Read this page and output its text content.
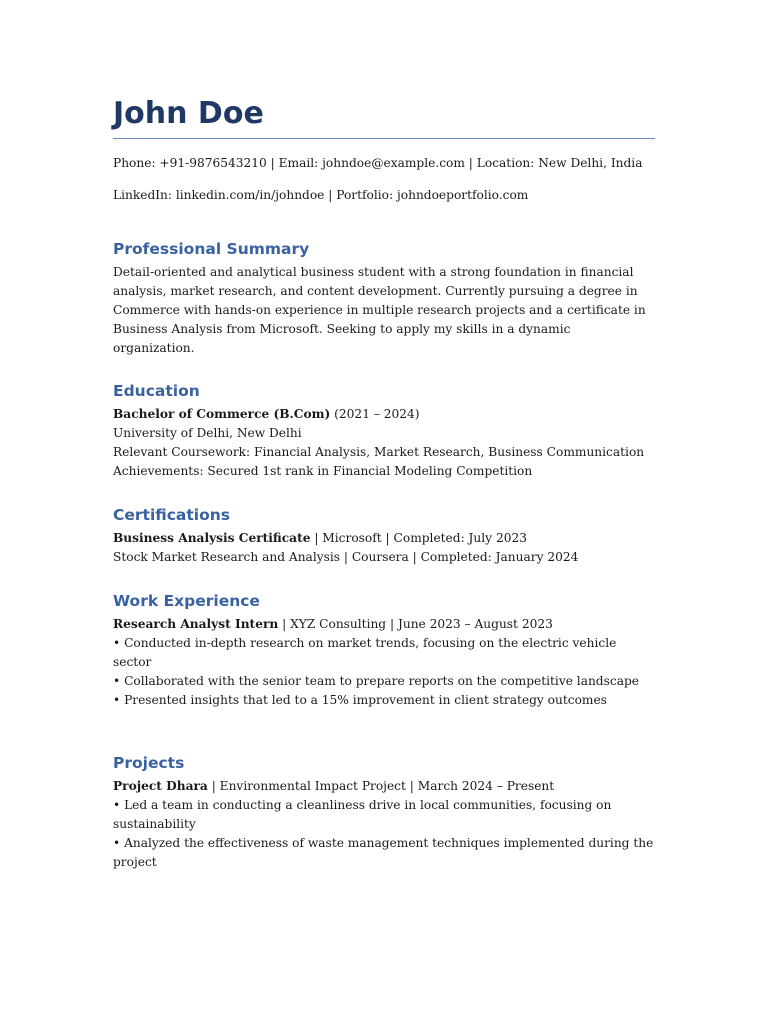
John Doe

Phone: +91-9876543210 | Email: johndoe@example.com | Location: New Delhi, India

LinkedIn: linkedin.com/in/johndoe | Portfolio: johndoeportfolio.com

Professional Summary

Detail-oriented and analytical business student with a strong foundation in financial analysis, market research, and content development. Currently pursuing a degree in Commerce with hands-on experience in multiple research projects and a certificate in Business Analysis from Microsoft. Seeking to apply my skills in a dynamic organization.

Education

Bachelor of Commerce (B.Com) (2021 – 2024)

University of Delhi, New Delhi

Relevant Coursework: Financial Analysis, Market Research, Business Communication

Achievements: Secured 1st rank in Financial Modeling Competition

Certifications

Business Analysis Certificate | Microsoft | Completed: July 2023

Stock Market Research and Analysis | Coursera | Completed: January 2024

Work Experience

Research Analyst Intern | XYZ Consulting | June 2023 – August 2023

• Conducted in-depth research on market trends, focusing on the electric vehicle sector

• Collaborated with the senior team to prepare reports on the competitive landscape

• Presented insights that led to a 15% improvement in client strategy outcomes

Projects

Project Dhara | Environmental Impact Project | March 2024 – Present

• Led a team in conducting a cleanliness drive in local communities, focusing on sustainability

• Analyzed the effectiveness of waste management techniques implemented during the project
